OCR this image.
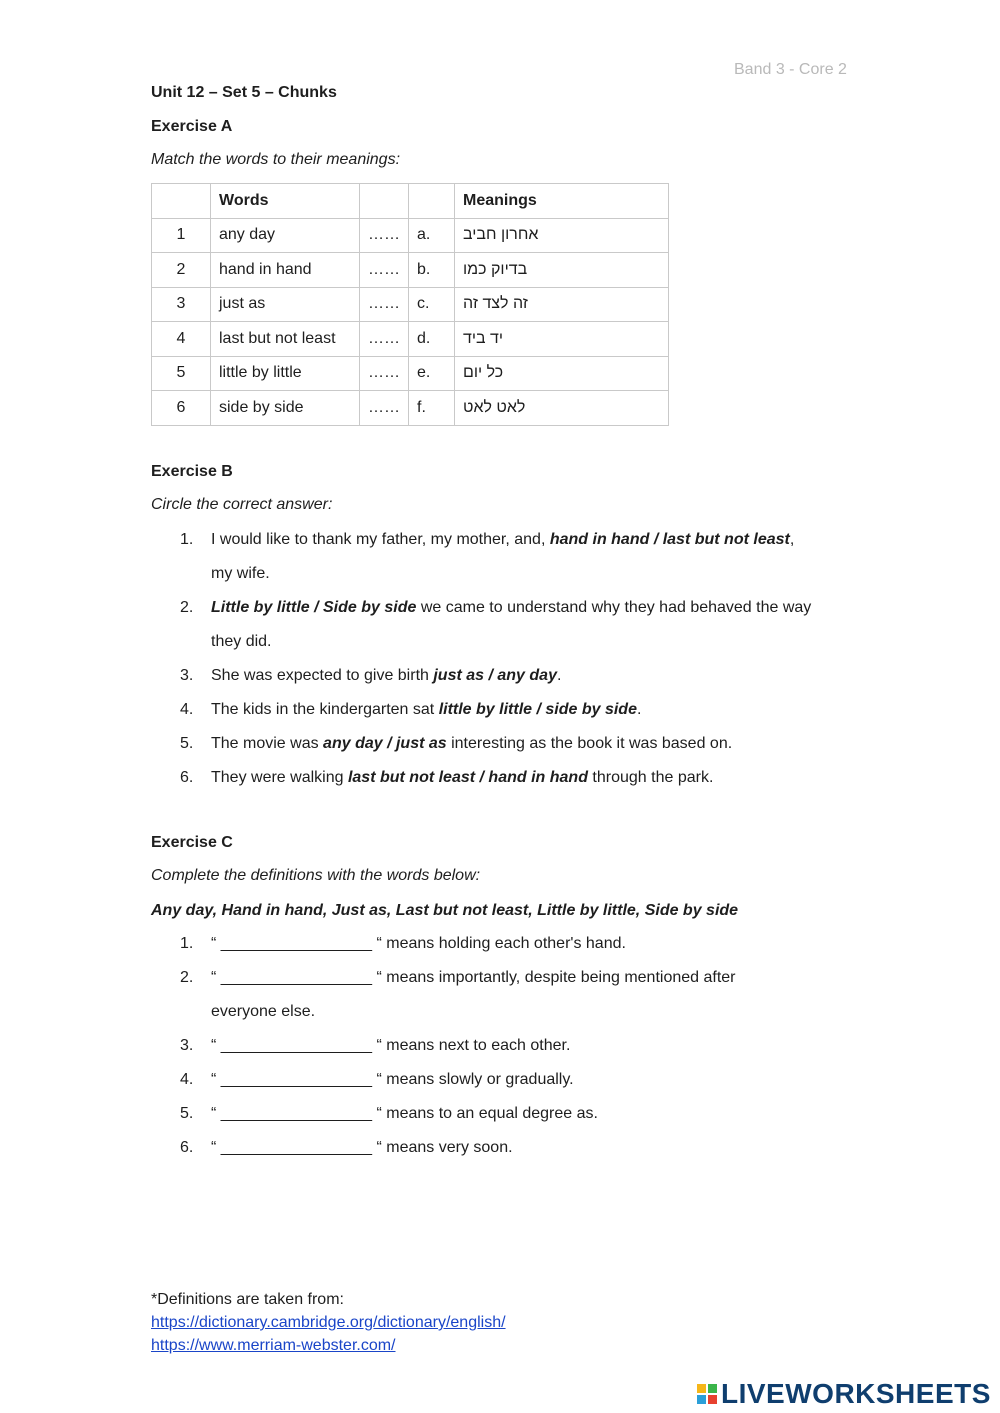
Band 3 - Core 2
Unit 12 – Set 5 – Chunks
Exercise A
Match the words to their meanings:
	Words			Meanings
1	any day	……	a.	אחרון חביב
2	hand in hand	……	b.	בדיוק כמו
3	just as	……	c.	זה לצד זה
4	last but not least	……	d.	יד ביד
5	little by little	……	e.	כל יום
6	side by side	……	f.	לאט לאט
Exercise B
Circle the correct answer:
1. I would like to thank my father, my mother, and, hand in hand / last but not least,
my wife.
2. Little by little / Side by side we came to understand why they had behaved the way
they did.
3. She was expected to give birth just as / any day.
4. The kids in the kindergarten sat little by little / side by side.
5. The movie was any day / just as interesting as the book it was based on.
6. They were walking last but not least / hand in hand through the park.
Exercise C
Complete the definitions with the words below:
Any day, Hand in hand, Just as, Last but not least, Little by little, Side by side
1. “ _________________ “ means holding each other's hand.
2. “ _________________ “ means importantly, despite being mentioned after
everyone else.
3. “ _________________ “ means next to each other.
4. “ _________________ “ means slowly or gradually.
5. “ _________________ “ means to an equal degree as.
6. “ _________________ “ means very soon.
*Definitions are taken from:
https://dictionary.cambridge.org/dictionary/english/
https://www.merriam-webster.com/
LIVEWORKSHEETS
